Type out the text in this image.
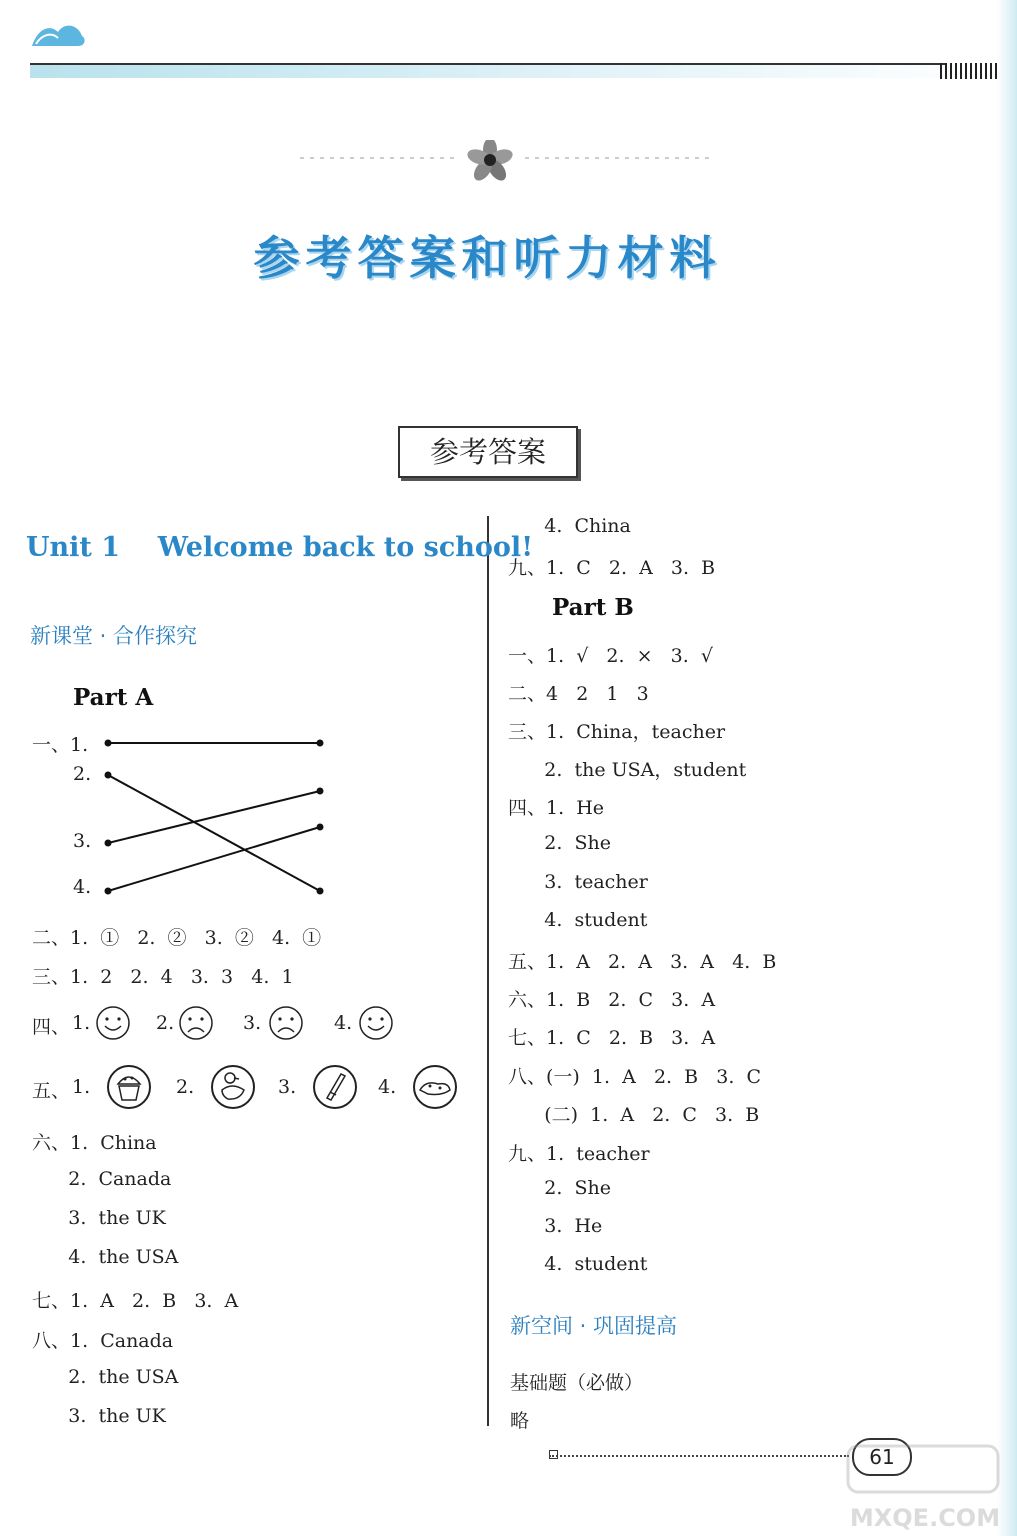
参考答案和听力材料
参考答案
Unit 1    Welcome back to school!
新课堂 · 合作探究
Part A
一、1.
2.
3.
4.
二、1.  ①   2.  ②   3.  ②   4.  ①
三、1.  2   2.  4   3.  3   4.  1
四、 1.	2.	3.	4.
五、 1.	2.	3.	4.
六、1.  China
2.  Canada
3.  the UK
4.  the USA
七、1.  A   2.  B   3.  A
八、1.  Canada
2.  the USA
3.  the UK
4.  China
九、1.  C   2.  A   3.  B
Part B
一、1.  √   2.  ×   3.  √
二、4   2   1   3
三、1.  China，teacher
2.  the USA，student
四、1.  He
2.  She
3.  teacher
4.  student
五、1.  A   2.  A   3.  A   4.  B
六、1.  B   2.  C   3.  A
七、1.  C   2.  B   3.  A
八、(一)  1.  A   2.  B   3.  C
(二)  1.  A   2.  C   3.  B
九、1.  teacher
2.  She
3.  He
4.  student
新空间 · 巩固提高
基础题（必做）
略
61
MXQE.COM
